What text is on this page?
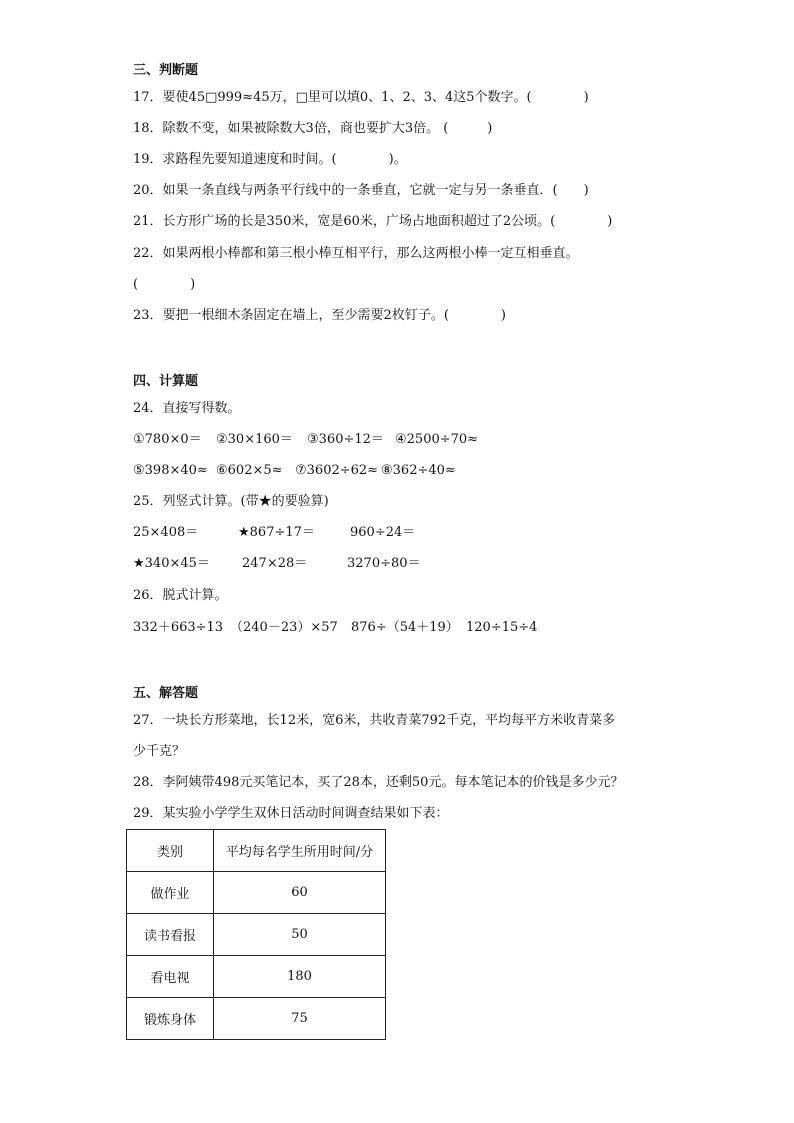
三、判断题
17．要使45□999≈45万，□里可以填0、1、2、3、4这5个数字。(　　　　)
18．除数不变，如果被除数大3倍，商也要扩大3倍。 (　　　)
19．求路程先要知道速度和时间。(　　　　)。
20．如果一条直线与两条平行线中的一条垂直，它就一定与另一条垂直．(　　)
21．长方形广场的长是350米，宽是60米，广场占地面积超过了2公顷。(　　　　)
22．如果两根小棒都和第三根小棒互相平行，那么这两根小棒一定互相垂直。
(　　　　)
23．要把一根细木条固定在墙上，至少需要2枚钉子。(　　　　)
四、计算题
24．直接写得数。
①780×0＝ ②30×160＝ ③360÷12＝ ④2500÷70≈
⑤398×40≈ ⑥602×5≈ ⑦3602÷62≈ ⑧362÷40≈
25．列竖式计算。(带★的要验算)
25×408＝	★867÷17＝	960÷24＝
★340×45＝ 247×28＝	3270÷80＝
26．脱式计算。
332＋663÷13 （240－23）×57 876÷（54＋19） 120÷15÷4
五、解答题
27．一块长方形菜地，长12米，宽6米，共收青菜792千克，平均每平方米收青菜多
少千克？
28．李阿姨带498元买笔记本，买了28本，还剩50元。每本笔记本的价钱是多少元？
29．某实验小学学生双休日活动时间调查结果如下表：
类别	平均每名学生所用时间/分
做作业	60
读书看报	50
看电视	180
锻炼身体	75
